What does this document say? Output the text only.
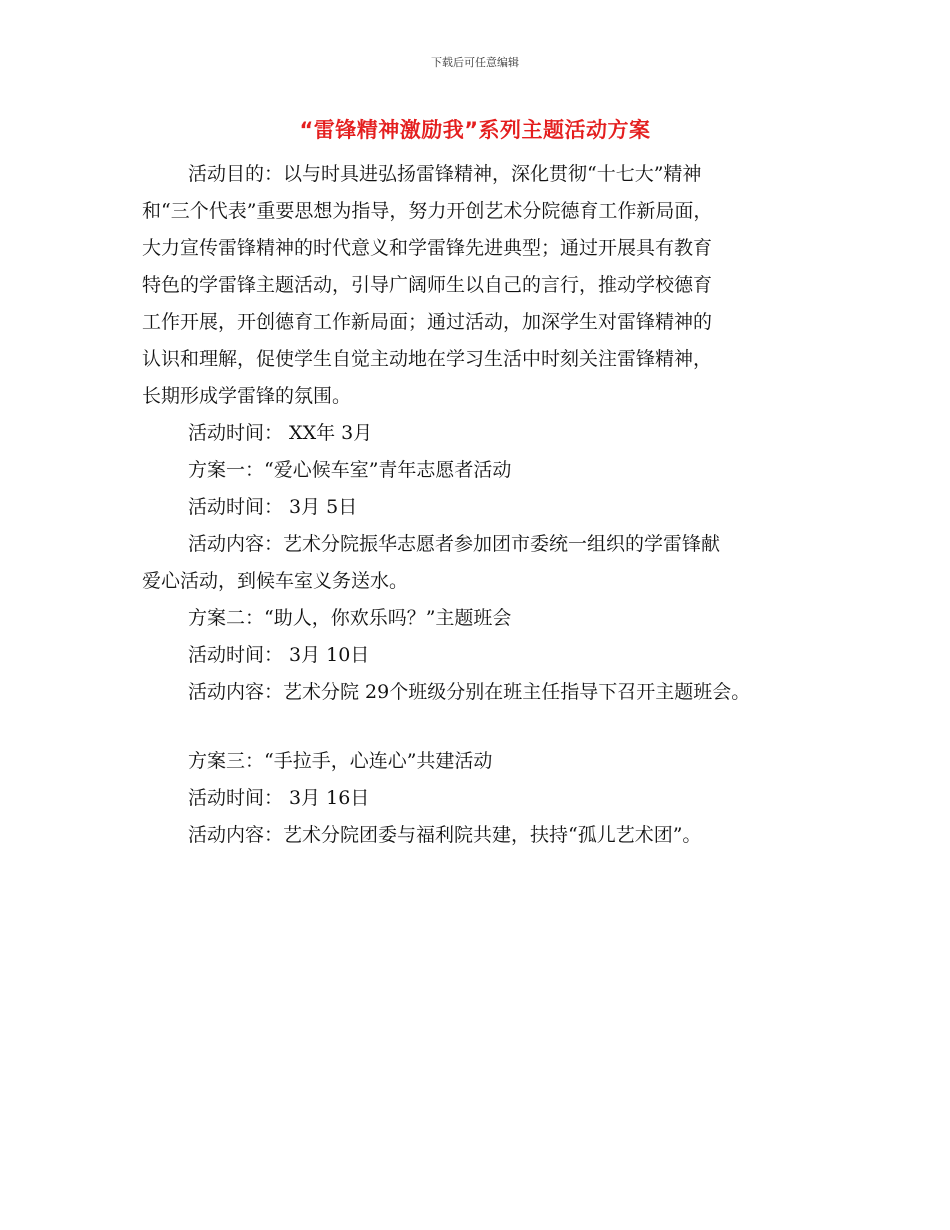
下载后可任意编辑
“雷锋精神激励我”系列主题活动方案
活动目的：以与时具进弘扬雷锋精神，深化贯彻“十七大”精神
和“三个代表”重要思想为指导，努力开创艺术分院德育工作新局面，
大力宣传雷锋精神的时代意义和学雷锋先进典型；通过开展具有教育
特色的学雷锋主题活动，引导广阔师生以自己的言行，推动学校德育
工作开展，开创德育工作新局面；通过活动，加深学生对雷锋精神的
认识和理解，促使学生自觉主动地在学习生活中时刻关注雷锋精神，
长期形成学雷锋的氛围。
活动时间： XX年 3月
方案一：“爱心候车室”青年志愿者活动
活动时间： 3月 5日
活动内容：艺术分院振华志愿者参加团市委统一组织的学雷锋献
爱心活动，到候车室义务送水。
方案二：“助人，你欢乐吗？”主题班会
活动时间： 3月 10日
活动内容：艺术分院 29个班级分别在班主任指导下召开主题班会。
方案三：“手拉手，心连心”共建活动
活动时间： 3月 16日
活动内容：艺术分院团委与福利院共建，扶持“孤儿艺术团”。
